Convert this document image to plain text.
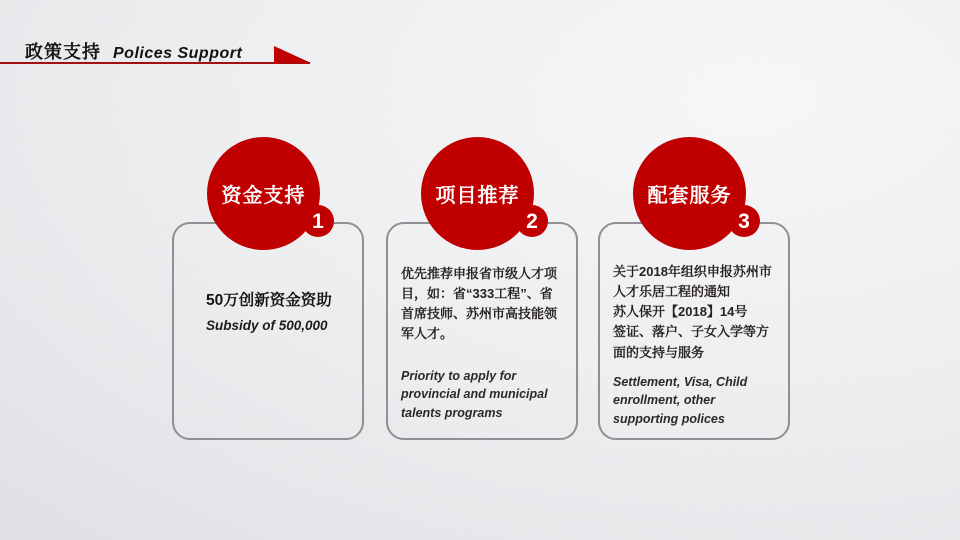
政策支持 Polices Support
50万创新资金资助
Subsidy of 500,000
资金支持
1
优先推荐申报省市级人才项目，如：省“333工程”、省首席技师、苏州市高技能领军人才。
Priority to apply for provincial and municipal talents programs
项目推荐
2
关于2018年组织申报苏州市人才乐居工程的通知
苏人保开【2018】14号
签证、落户、子女入学等方面的支持与服务
Settlement, Visa, Child enrollment, other supporting polices
配套服务
3
